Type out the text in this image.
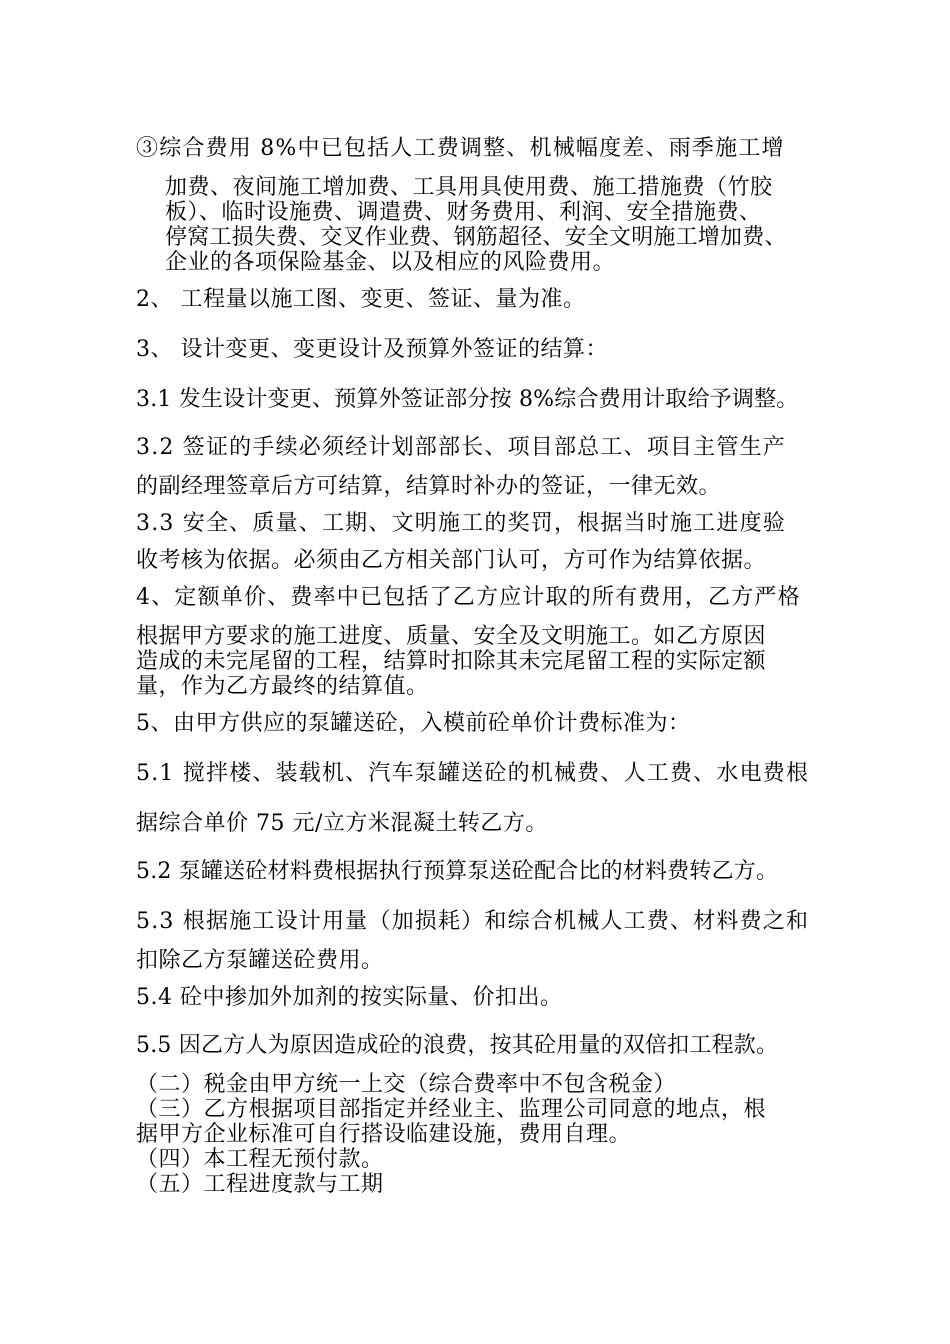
③综合费用 8%中已包括人工费调整、机械幅度差、雨季施工增
加费、夜间施工增加费、工具用具使用费、施工措施费（竹胶
板）、临时设施费、调遣费、财务费用、利润、安全措施费、
停窝工损失费、交叉作业费、钢筋超径、安全文明施工增加费、
企业的各项保险基金、以及相应的风险费用。
2、 工程量以施工图、变更、签证、量为准。
3、 设计变更、变更设计及预算外签证的结算：
3.1 发生设计变更、预算外签证部分按 8%综合费用计取给予调整。
3.2 签证的手续必须经计划部部长、项目部总工、项目主管生产
的副经理签章后方可结算，结算时补办的签证，一律无效。
3.3 安全、质量、工期、文明施工的奖罚，根据当时施工进度验
收考核为依据。必须由乙方相关部门认可，方可作为结算依据。
4、定额单价、费率中已包括了乙方应计取的所有费用，乙方严格
根据甲方要求的施工进度、质量、安全及文明施工。如乙方原因
造成的未完尾留的工程，结算时扣除其未完尾留工程的实际定额
量，作为乙方最终的结算值。
5、由甲方供应的泵罐送砼，入模前砼单价计费标准为：
5.1 搅拌楼、装载机、汽车泵罐送砼的机械费、人工费、水电费根
据综合单价 75 元/立方米混凝土转乙方。
5.2 泵罐送砼材料费根据执行预算泵送砼配合比的材料费转乙方。
5.3 根据施工设计用量（加损耗）和综合机械人工费、材料费之和
扣除乙方泵罐送砼费用。
5.4 砼中掺加外加剂的按实际量、价扣出。
5.5 因乙方人为原因造成砼的浪费，按其砼用量的双倍扣工程款。
（二）税金由甲方统一上交（综合费率中不包含税金）
（三）乙方根据项目部指定并经业主、监理公司同意的地点，根
据甲方企业标准可自行搭设临建设施，费用自理。
（四）本工程无预付款。
（五）工程进度款与工期
